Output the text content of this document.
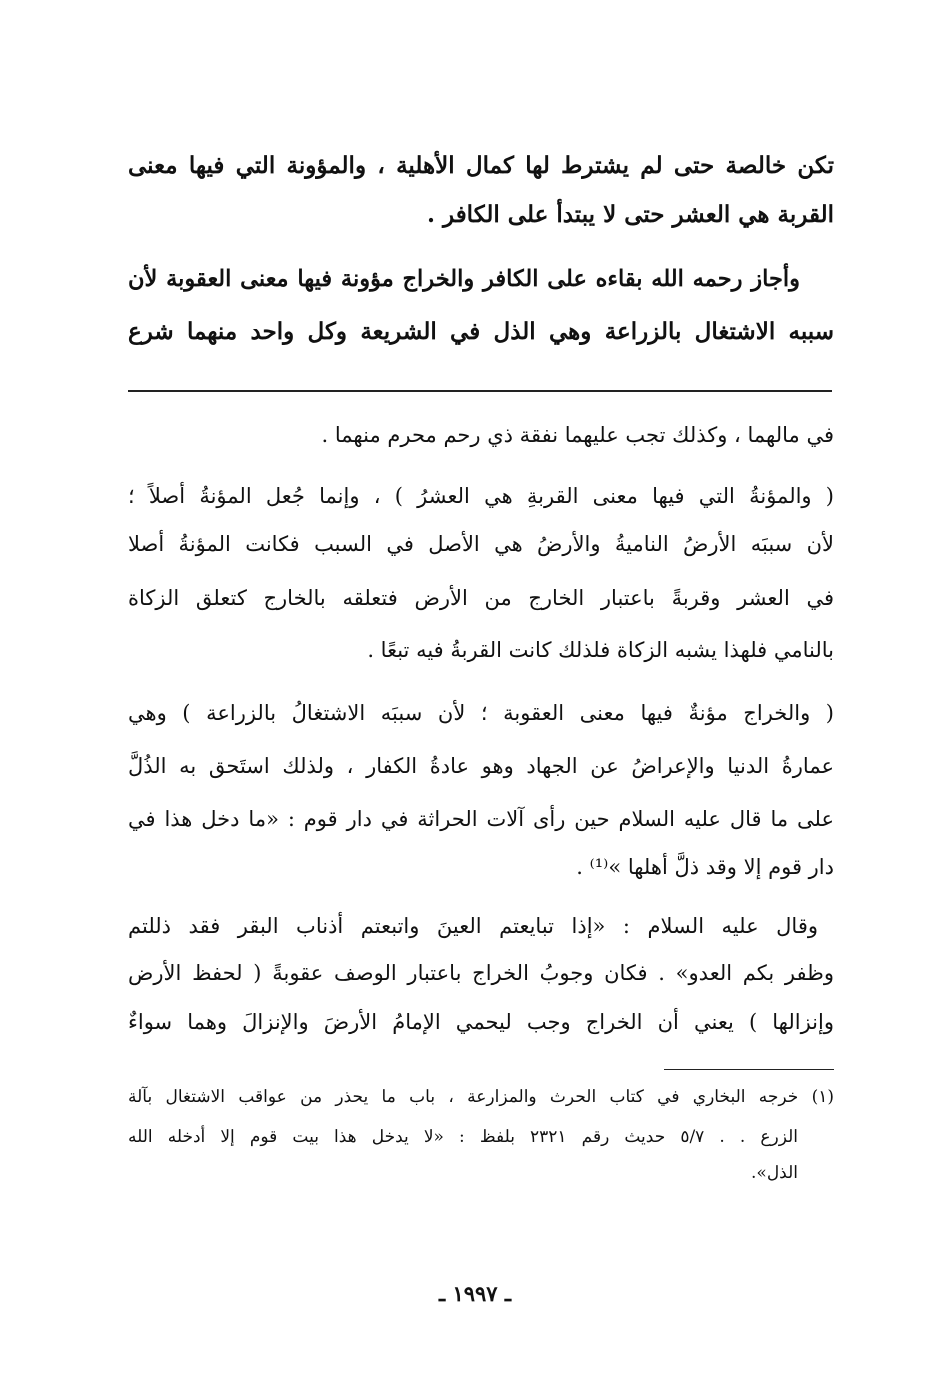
تكن خالصة حتى لم يشترط لها كمال الأهلية ، والمؤونة التي فيها معنى
القربة هي العشر حتى لا يبتدأ على الكافر .
وأجاز رحمه الله بقاءه على الكافر والخراج مؤونة فيها معنى العقوبة لأن
سببه الاشتغال بالزراعة وهي الذل في الشريعة وكل واحد منهما شرع
في مالهما ، وكذلك تجب عليهما نفقة ذي رحم محرم منهما .
( والمؤنةُ التي فيها معنى القربةِ هي العشرُ ) ، وإنما جُعل المؤنةُ أصلاً ؛
لأن سببَه الأرضُ الناميةُ والأرضُ هي الأصل في السبب فكانت المؤنةُ أصلا
في العشر وقربةً باعتبار الخارج من الأرض فتعلقه بالخارج كتعلق الزكاة
بالنامي فلهذا يشبه الزكاة فلذلك كانت القربةُ فيه تبعًا .
( والخراج مؤنةٌ فيها معنى العقوبة ؛ لأن سببَه الاشتغالُ بالزراعة ) وهي
عمارةُ الدنيا والإعراضُ عن الجهاد وهو عادةُ الكفار ، ولذلك استَحق به الذُلَّ
على ما قال عليه السلام حين رأى آلات الحراثة في دار قوم : «ما دخل هذا في
دار قوم إلا وقد ذلَّ أهلها »⁽¹⁾ .
وقال عليه السلام : «إذا تبايعتم العينَ واتبعتم أذناب البقر فقد ذللتم
وظفر بكم العدو» . فكان وجوبُ الخراج باعتبار الوصف عقوبةً ( لحفظ الأرض
وإنزالها ) يعني أن الخراج وجب ليحمي الإمامُ الأرضَ والإنزالَ وهما سواءٌ
(١) خرجه البخاري في كتاب الحرث والمزارعة ، باب ما يحذر من عواقب الاشتغال بآلة
الزرع . . ٥/٧ حديث رقم ٢٣٢١ بلفظ : «لا يدخل هذا بيت قوم إلا أدخله الله
الذل».
ـ ١٩٩٧ ـ
